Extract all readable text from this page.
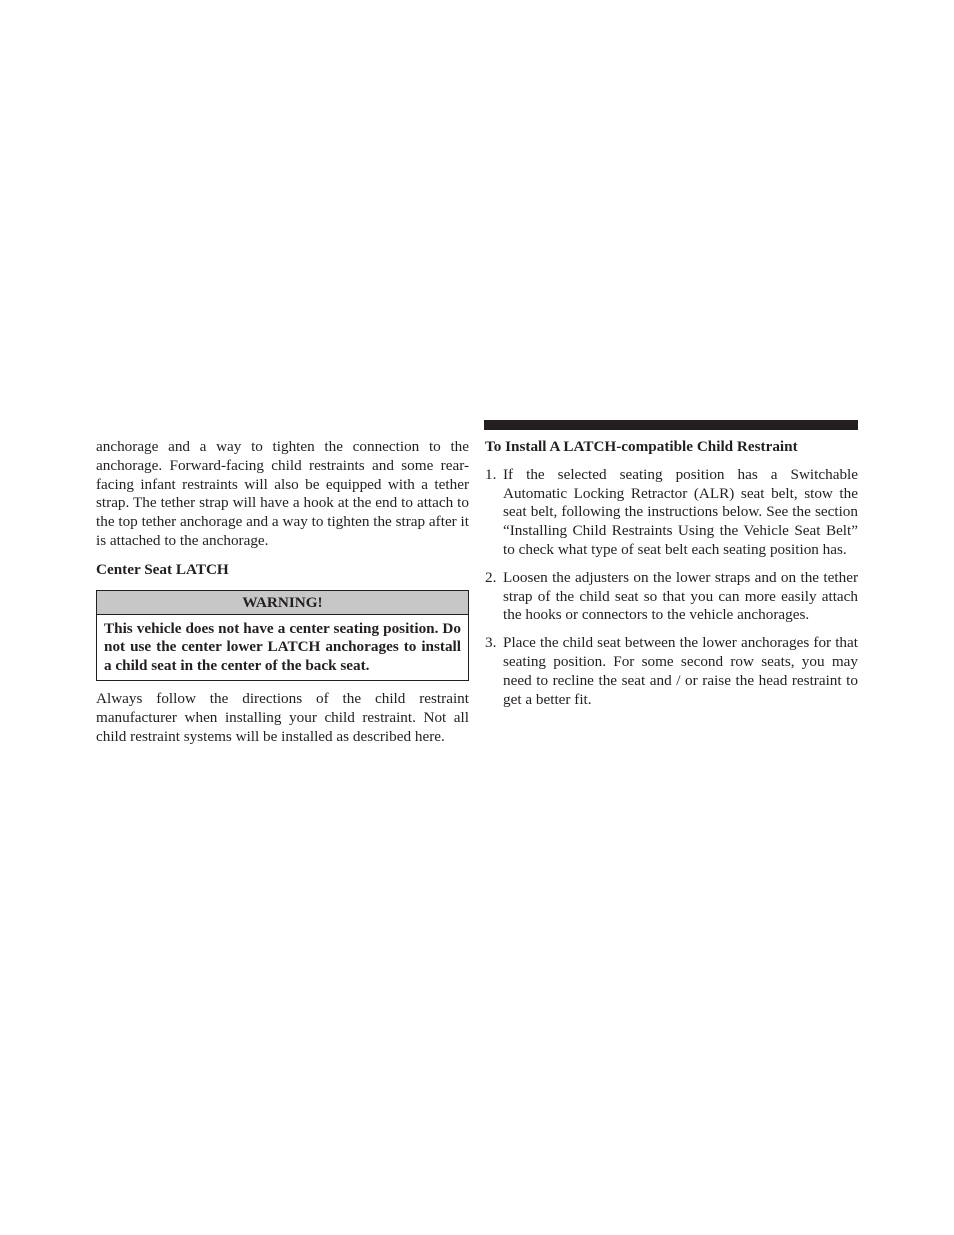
anchorage and a way to tighten the connection to the anchorage. Forward-facing child restraints and some rear-facing infant restraints will also be equipped with a tether strap. The tether strap will have a hook at the end to attach to the top tether anchorage and a way to tighten the strap after it is attached to the anchorage.

Center Seat LATCH
WARNING!
This vehicle does not have a center seating position. Do not use the center lower LATCH anchorages to install a child seat in the center of the back seat.

Always follow the directions of the child restraint manufacturer when installing your child restraint. Not all child restraint systems will be installed as described here.

To Install A LATCH-compatible Child Restraint
1. If the selected seating position has a Switchable Automatic Locking Retractor (ALR) seat belt, stow the seat belt, following the instructions below. See the section “Installing Child Restraints Using the Vehicle Seat Belt” to check what type of seat belt each seating position has.
2. Loosen the adjusters on the lower straps and on the tether strap of the child seat so that you can more easily attach the hooks or connectors to the vehicle anchorages.
3. Place the child seat between the lower anchorages for that seating position. For some second row seats, you may need to recline the seat and / or raise the head restraint to get a better fit.
